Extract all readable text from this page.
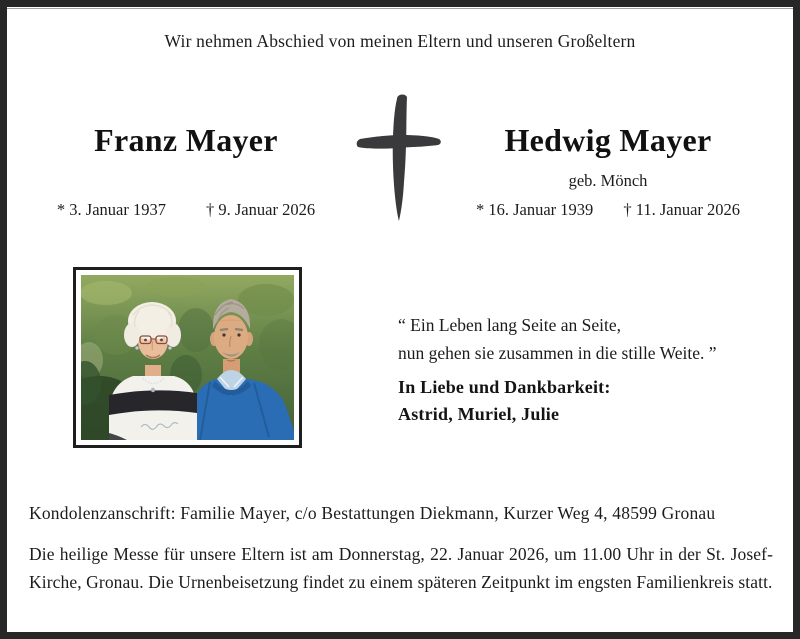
Wir nehmen Abschied von meinen Eltern und unseren Großeltern
Franz Mayer
* 3. Januar 1937 † 9. Januar 2026
Hedwig Mayer
geb. Mönch
* 16. Januar 1939 † 11. Januar 2026
“ Ein Leben lang Seite an Seite,
nun gehen sie zusammen in die stille Weite. ”
In Liebe und Dankbarkeit:
Astrid, Muriel, Julie
Kondolenzanschrift: Familie Mayer, c/o Bestattungen Diekmann, Kurzer Weg 4, 48599 Gronau
Die heilige Messe für unsere Eltern ist am Donnerstag, 22. Januar 2026, um 11.00 Uhr in der St. Josef-Kirche, Gronau. Die Urnenbeisetzung findet zu einem späteren Zeitpunkt im engsten Familienkreis statt.
